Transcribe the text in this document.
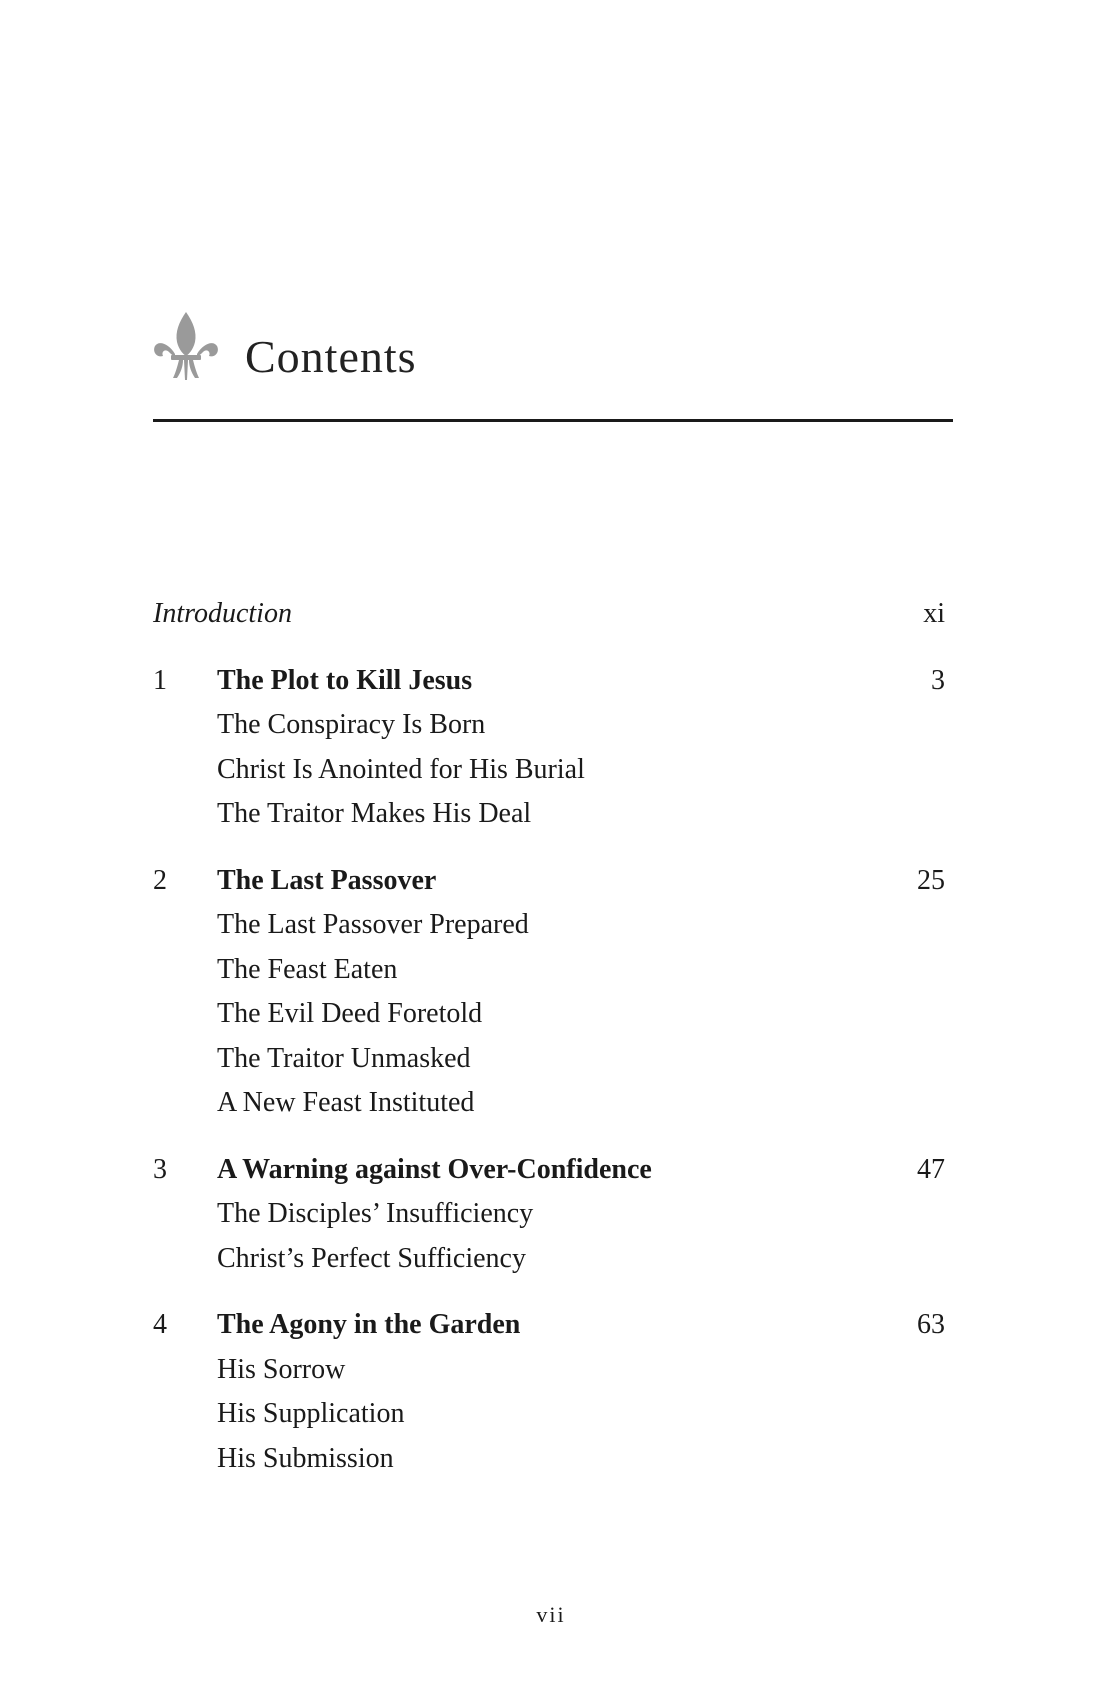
Contents
Introduction	xi
1 The Plot to Kill Jesus	3
The Conspiracy Is Born
Christ Is Anointed for His Burial
The Traitor Makes His Deal
2 The Last Passover	25
The Last Passover Prepared
The Feast Eaten
The Evil Deed Foretold
The Traitor Unmasked
A New Feast Instituted
3 A Warning against Over-Confidence	47
The Disciples’ Insufficiency
Christ’s Perfect Sufficiency
4 The Agony in the Garden	63
His Sorrow
His Supplication
His Submission
vii
